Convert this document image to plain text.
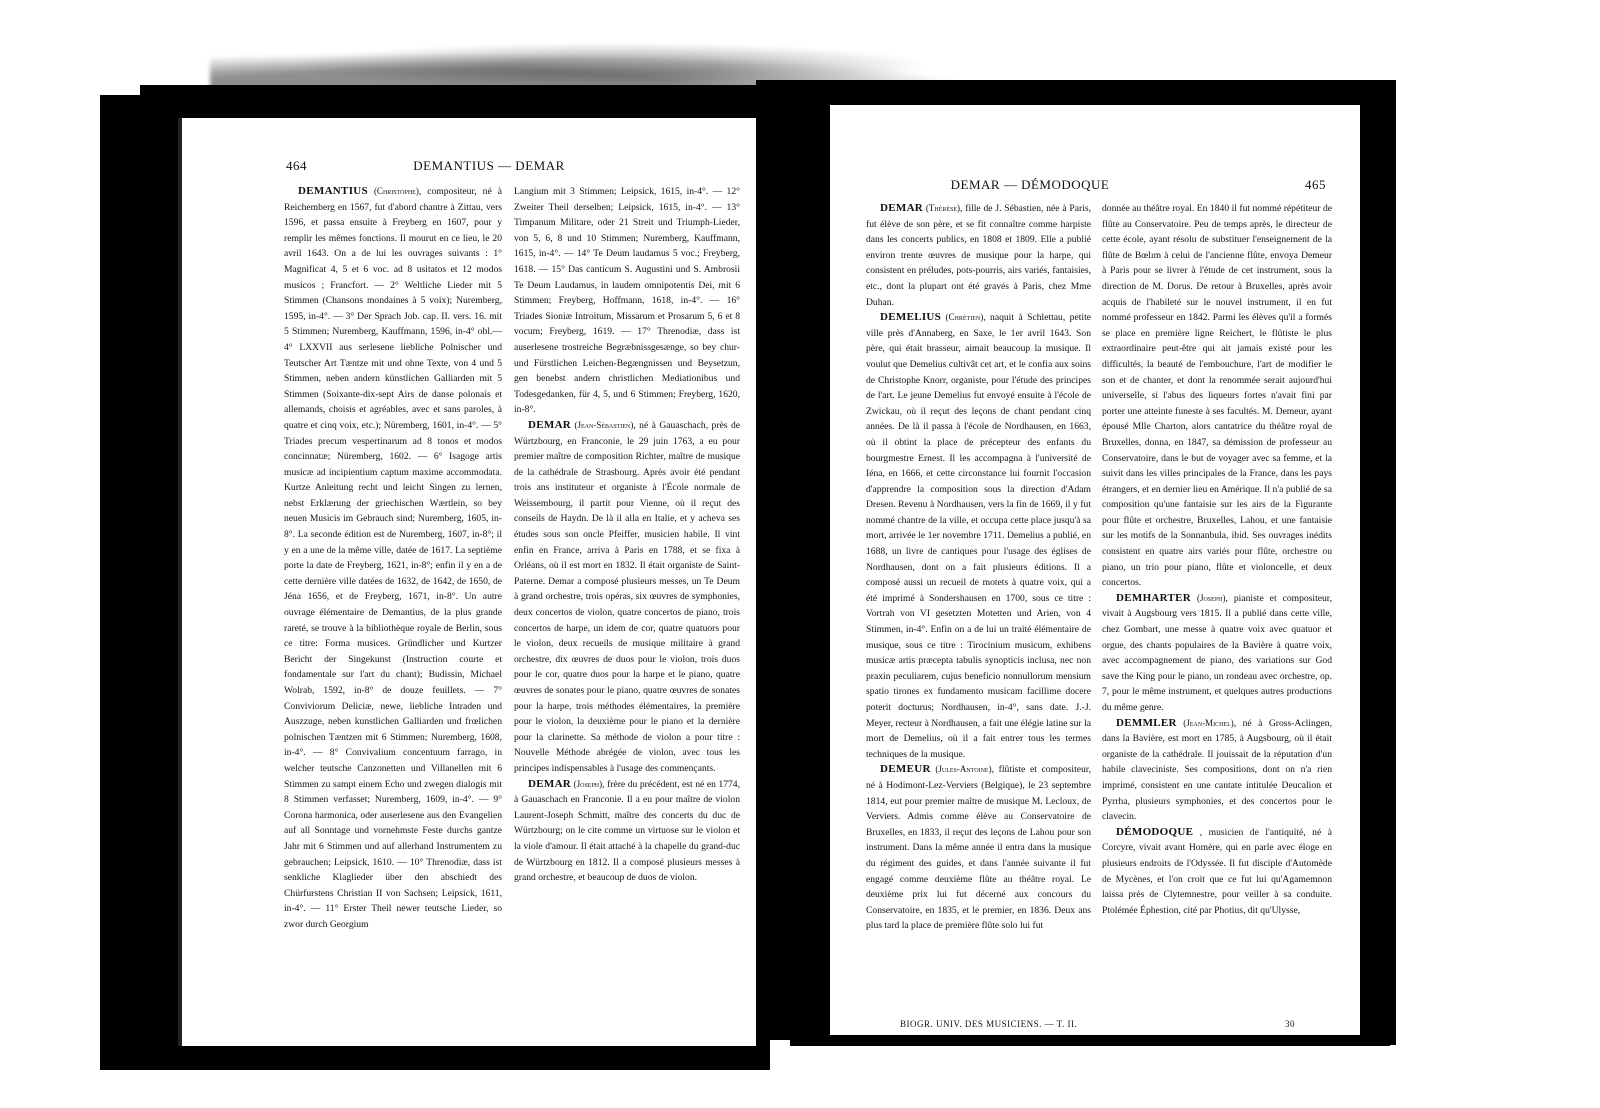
464	DEMANTIUS — DEMAR

DEMANTIUS (Christophe), compositeur, né à Reichemberg en 1567, fut d'abord chantre à Zittau, vers 1596, et passa ensuite à Freyberg en 1607, pour y remplir les mêmes fonctions. Il mourut en ce lieu, le 20 avril 1643. On a de lui les ouvrages suivants : 1° Magnificat 4, 5 et 6 voc. ad 8 usitatos et 12 modos musicos ; Francfort. — 2° Weltliche Lieder mit 5 Stimmen (Chansons mondaines à 5 voix); Nuremberg, 1595, in-4°. — 3° Der Sprach Job. cap. II. vers. 16. mit 5 Stimmen; Nuremberg, Kauffmann, 1596, in-4° obl.— 4° LXXVII aus serlesene liebliche Polnischer und Teutscher Art Tæntze mit und ohne Texte, von 4 und 5 Stimmen, neben andern künstlichen Galliarden mit 5 Stimmen (Soixante-dix-sept Airs de danse polonais et allemands, choisis et agréables, avec et sans paroles, à quatre et cinq voix, etc.); Nüremberg, 1601, in-4°. — 5° Triades precum vespertinarum ad 8 tonos et modos concinnatæ; Nüremberg, 1602. — 6° Isagoge artis musicæ ad incipientium captum maxime accommodata. Kurtze Anleitung recht und leicht Singen zu lernen, nebst Erklærung der griechischen Wærtlein, so bey neuen Musicis im Gebrauch sind; Nuremberg, 1605, in-8°. La seconde édition est de Nuremberg, 1607, in-8°; il y en a une de la même ville, datée de 1617. La septième porte la date de Freyberg, 1621, in-8°; enfin il y en a de cette dernière ville datées de 1632, de 1642, de 1650, de Jéna 1656, et de Freyberg, 1671, in-8°. Un autre ouvrage élémentaire de Demantius, de la plus grande rareté, se trouve à la bibliothèque royale de Berlin, sous ce titre: Forma musices. Gründlicher und Kurtzer Bericht der Singekunst (Instruction courte et fondamentale sur l'art du chant); Budissin, Michael Wolrab, 1592, in-8° de douze feuillets. — 7° Conviviorum Deliciæ, newe, liebliche Intraden und Auszzuge, neben kunstlichen Galliarden und frœlichen polnischen Tæntzen mit 6 Stimmen; Nuremberg, 1608, in-4°. — 8° Convivalium concentuum farrago, in welcher teutsche Canzonetten und Villanellen mit 6 Stimmen zu sampt einem Echo und zwegen dialogis mit 8 Stimmen verfasset; Nuremberg, 1609, in-4°. — 9° Corona harmonica, oder auserlesene aus den Evangelien auf all Sonntage und vornehmste Feste durchs gantze Jahr mit 6 Stimmen und auf allerhand Instrumentem zu gebrauchen; Leipsick, 1610. — 10° Threnodiæ, dass ist senkliche Klaglieder über den abschiedt des Chürfurstens Christian II von Sachsen; Leipsick, 1611, in-4°. — 11° Erster Theil newer teutsche Lieder, so zwor durch Georgium

Langium mit 3 Stimmen; Leipsick, 1615, in-4°. — 12° Zweiter Theil derselben; Leipsick, 1615, in-4°. — 13° Timpanum Militare, oder 21 Streit und Triumph-Lieder, von 5, 6, 8 und 10 Stimmen; Nuremberg, Kauffmann, 1615, in-4°. — 14° Te Deum laudamus 5 voc.; Freyberg, 1618. — 15° Das canticum S. Augustini und S. Ambrosii Te Deum Laudamus, in laudem omnipotentis Dei, mit 6 Stimmen; Freyberg, Hoffmann, 1618, in-4°. — 16° Triades Sioniæ Introitum, Missarum et Prosarum 5, 6 et 8 vocum; Freyberg, 1619. — 17° Threnodiæ, dass ist auserlesene trostreiche Begræbnissgesænge, so bey chur-und Fürstlichen Leichen-Begængnissen und Beysetzun, gen benebst andern christlichen Mediationibus und Todesgedanken, für 4, 5, und 6 Stimmen; Freyberg, 1620, in-8°.

DEMAR (Jean-Sébastien), né à Gauaschach, près de Würtzbourg, en Franconie, le 29 juin 1763, a eu pour premier maître de composition Richter, maître de musique de la cathédrale de Strasbourg. Après avoir été pendant trois ans instituteur et organiste à l'École normale de Weissembourg, il partit pour Vienne, où il reçut des conseils de Haydn. De là il alla en Italie, et y acheva ses études sous son oncle Pfeiffer, musicien habile. Il vint enfin en France, arriva à Paris en 1788, et se fixa à Orléans, où il est mort en 1832. Il était organiste de Saint-Paterne. Demar a composé plusieurs messes, un Te Deum à grand orchestre, trois opéras, six œuvres de symphonies, deux concertos de violon, quatre concertos de piano, trois concertos de harpe, un idem de cor, quatre quatuors pour le violon, deux recueils de musique militaire à grand orchestre, dix œuvres de duos pour le violon, trois duos pour le cor, quatre duos pour la harpe et le piano, quatre œuvres de sonates pour le piano, quatre œuvres de sonates pour la harpe, trois méthodes élémentaires, la première pour le violon, la deuxième pour le piano et la dernière pour la clarinette. Sa méthode de violon a pour titre : Nouvelle Méthode abrégée de violon, avec tous les principes indispensables à l'usage des commençants.

DEMAR (Joseph), frère du précédent, est né en 1774, à Gauaschach en Franconie. Il a eu pour maître de violon Laurent-Joseph Schmitt, maître des concerts du duc de Würtzbourg; on le cite comme un virtuose sur le violon et la viole d'amour. Il était attaché à la chapelle du grand-duc de Würtzbourg en 1812. Il a composé plusieurs messes à grand orchestre, et beaucoup de duos de violon.

DEMAR — DÉMODOQUE	465

DEMAR (Thérèse), fille de J. Sébastien, née à Paris, fut élève de son père, et se fit connaître comme harpiste dans les concerts publics, en 1808 et 1809. Elle a publié environ trente œuvres de musique pour la harpe, qui consistent en préludes, pots-pourris, airs variés, fantaisies, etc., dont la plupart ont été gravés à Paris, chez Mme Duhan.

DEMELIUS (Chrétien), naquit à Schlettau, petite ville près d'Annaberg, en Saxe, le 1er avril 1643. Son père, qui était brasseur, aimait beaucoup la musique. Il voulut que Demelius cultivât cet art, et le confia aux soins de Christophe Knorr, organiste, pour l'étude des principes de l'art. Le jeune Demelius fut envoyé ensuite à l'école de Zwickau, où il reçut des leçons de chant pendant cinq années. De là il passa à l'école de Nordhausen, en 1663, où il obtint la place de précepteur des enfants du bourgmestre Ernest. Il les accompagna à l'université de Iéna, en 1666, et cette circonstance lui fournit l'occasion d'apprendre la composition sous la direction d'Adam Dresen. Revenu à Nordhausen, vers la fin de 1669, il y fut nommé chantre de la ville, et occupa cette place jusqu'à sa mort, arrivée le 1er novembre 1711. Demelius a publié, en 1688, un livre de cantiques pour l'usage des églises de Nordhausen, dont on a fait plusieurs éditions. Il a composé aussi un recueil de motets à quatre voix, qui a été imprimé à Sondershausen en 1700, sous ce titre : Vortrah von VI gesetzten Motetten und Arien, von 4 Stimmen, in-4°. Enfin on a de lui un traité élémentaire de musique, sous ce titre : Tirocinium musicum, exhibens musicæ artis præcepta tabulis synopticis inclusa, nec non praxin peculiarem, cujus beneficio nonnullorum mensium spatio tirones ex fundamento musicam facillime docere poterit docturus; Nordhausen, in-4°, sans date. J.-J. Meyer, recteur à Nordhausen, a fait une élégie latine sur la mort de Demelius, où il a fait entrer tous les termes techniques de la musique.

DEMEUR (Jules-Antoine), flûtiste et compositeur, né à Hodimont-Lez-Verviers (Belgique), le 23 septembre 1814, eut pour premier maître de musique M. Lecloux, de Verviers. Admis comme élève au Conservatoire de Bruxelles, en 1833, il reçut des leçons de Lahou pour son instrument. Dans la même année il entra dans la musique du régiment des guides, et dans l'année suivante il fut engagé comme deuxième flûte au théâtre royal. Le deuxième prix lui fut décerné aux concours du Conservatoire, en 1835, et le premier, en 1836. Deux ans plus tard la place de première flûte solo lui fut

donnée au théâtre royal. En 1840 il fut nommé répétiteur de flûte au Conservatoire. Peu de temps après, le directeur de cette école, ayant résolu de substituer l'enseignement de la flûte de Bœlım à celui de l'ancienne flûte, envoya Demeur à Paris pour se livrer à l'étude de cet instrument, sous la direction de M. Dorus. De retour à Bruxelles, après avoir acquis de l'habileté sur le nouvel instrument, il en fut nommé professeur en 1842. Parmi les élèves qu'il a formés se place en première ligne Reichert, le flûtiste le plus extraordinaire peut-être qui ait jamais existé pour les difficultés, la beauté de l'embouchure, l'art de modifier le son et de chanter, et dont la renommée serait aujourd'hui universelle, si l'abus des liqueurs fortes n'avait fini par porter une atteinte funeste à ses facultés. M. Demeur, ayant épousé Mlle Charton, alors cantatrice du théâtre royal de Bruxelles, donna, en 1847, sa démission de professeur au Conservatoire, dans le but de voyager avec sa femme, et la suivit dans les villes principales de la France, dans les pays étrangers, et en dernier lieu en Amérique. Il n'a publié de sa composition qu'une fantaisie sur les airs de la Figurante pour flûte et orchestre, Bruxelles, Lahou, et une fantaisie sur les motifs de la Sonnanbula, ibid. Ses ouvrages inédits consistent en quatre airs variés pour flûte, orchestre ou piano, un trio pour piano, flûte et violoncelle, et deux concertos.

DEMHARTER (Joseph), pianiste et compositeur, vivait à Augsbourg vers 1815. Il a publié dans cette ville, chez Gombart, une messe à quatre voix avec quatuor et orgue, des chants populaires de la Bavière à quatre voix, avec accompagnement de piano, des variations sur God save the King pour le piano, un rondeau avec orchestre, op. 7, pour le même instrument, et quelques autres productions du même genre.

DEMMLER (Jean-Michel), né à Gross-Aclingen, dans la Bavière, est mort en 1785, à Augsbourg, où il était organiste de la cathédrale. Il jouissait de la réputation d'un habile claveciniste. Ses compositions, dont on n'a rien imprimé, consistent en une cantate intitulée Deucalion et Pyrrha, plusieurs symphonies, et des concertos pour le clavecin.

DÉMODOQUE , musicien de l'antiquité, né à Corcyre, vivait avant Homère, qui en parle avec éloge en plusieurs endroits de l'Odyssée. Il fut disciple d'Automède de Mycènes, et l'on croit que ce fut lui qu'Agamemnon laissa près de Clytemnestre, pour veiller à sa conduite. Ptolémée Éphestion, cité par Photius, dit qu'Ulysse,

BIOGR. UNIV. DES MUSICIENS. — T. II.	30
